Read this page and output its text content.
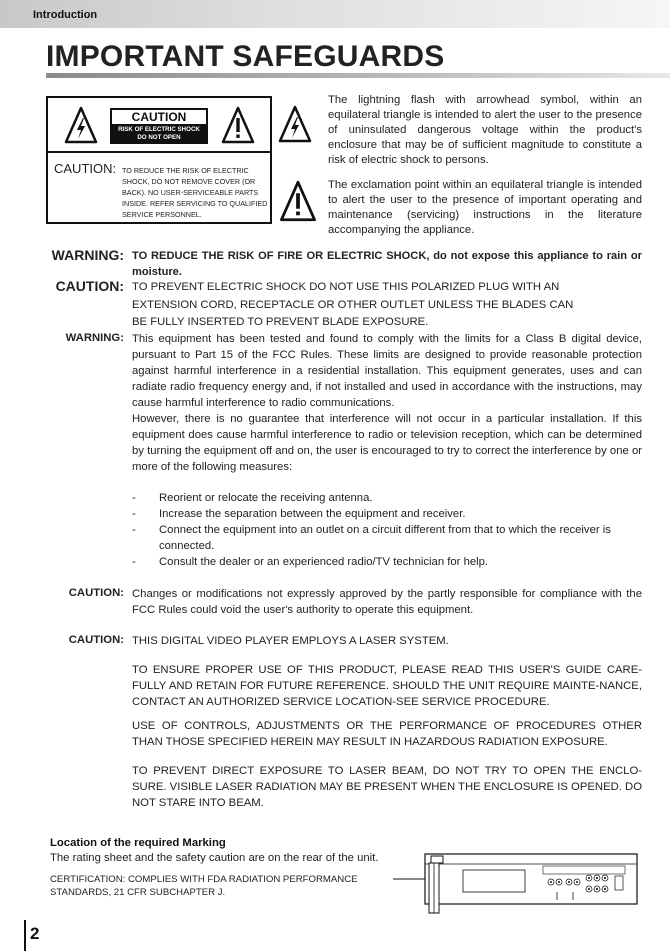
Introduction
IMPORTANT SAFEGUARDS
CAUTION
RISK OF ELECTRIC SHOCK
DO NOT OPEN
CAUTION: TO REDUCE THE RISK OF ELECTRIC SHOCK, DO NOT REMOVE COVER (OR BACK). NO USER-SERVICEABLE PARTS INSIDE. REFER SERVICING TO QUALIFIED SERVICE PERSONNEL.
The lightning flash with arrowhead symbol, within an equilateral triangle is intended to alert the user to the presence of uninsulated dangerous voltage within the product's enclosure that may be of sufficient magnitude to constitute a risk of electric shock to persons.
The exclamation point within an equilateral triangle is intended to alert the user to the presence of important operating and maintenance (servicing) instructions in the literature accompanying the appliance.
WARNING: TO REDUCE THE RISK OF FIRE OR ELECTRIC SHOCK, do not expose this appliance to rain or moisture.
CAUTION: TO PREVENT ELECTRIC SHOCK DO NOT USE THIS POLARIZED PLUG WITH AN
EXTENSION CORD, RECEPTACLE OR OTHER OUTLET UNLESS THE BLADES CAN
BE FULLY INSERTED TO PREVENT BLADE EXPOSURE.
WARNING: This equipment has been tested and found to comply with the limits for a Class B digital device, pursuant to Part 15 of the FCC Rules. These limits are designed to provide reasonable protection against harmful interference in a residential installation. This equipment generates, uses and can radiate radio frequency energy and, if not installed and used in accordance with the instructions, may cause harmful interference to radio communications.
However, there is no guarantee that interference will not occur in a particular installation. If this equipment does cause harmful interference to radio or television reception, which can be determined by turning the equipment off and on, the user is encouraged to try to correct the interference by one or more of the following measures:
- Reorient or relocate the receiving antenna.
- Increase the separation between the equipment and receiver.
- Connect the equipment into an outlet on a circuit different from that to which the receiver is connected.
- Consult the dealer or an experienced radio/TV technician for help.
CAUTION: Changes or modifications not expressly approved by the partly responsible for compliance with the FCC Rules could void the user's authority to operate this equipment.
CAUTION: THIS DIGITAL VIDEO PLAYER EMPLOYS A LASER SYSTEM.
TO ENSURE PROPER USE OF THIS PRODUCT, PLEASE READ THIS USER'S GUIDE CARE-FULLY AND RETAIN FOR FUTURE REFERENCE. SHOULD THE UNIT REQUIRE MAINTE-NANCE, CONTACT AN AUTHORIZED SERVICE LOCATION-SEE SERVICE PROCEDURE.
USE OF CONTROLS, ADJUSTMENTS OR THE PERFORMANCE OF PROCEDURES OTHER THAN THOSE SPECIFIED HEREIN MAY RESULT IN HAZARDOUS RADIATION EXPOSURE.
TO PREVENT DIRECT EXPOSURE TO LASER BEAM, DO NOT TRY TO OPEN THE ENCLO-SURE. VISIBLE LASER RADIATION MAY BE PRESENT WHEN THE ENCLOSURE IS OPENED. DO NOT STARE INTO BEAM.
Location of the required Marking
The rating sheet and the safety caution are on the rear of the unit.
CERTIFICATION: COMPLIES WITH FDA RADIATION PERFORMANCE
STANDARDS, 21 CFR SUBCHAPTER J.
2
